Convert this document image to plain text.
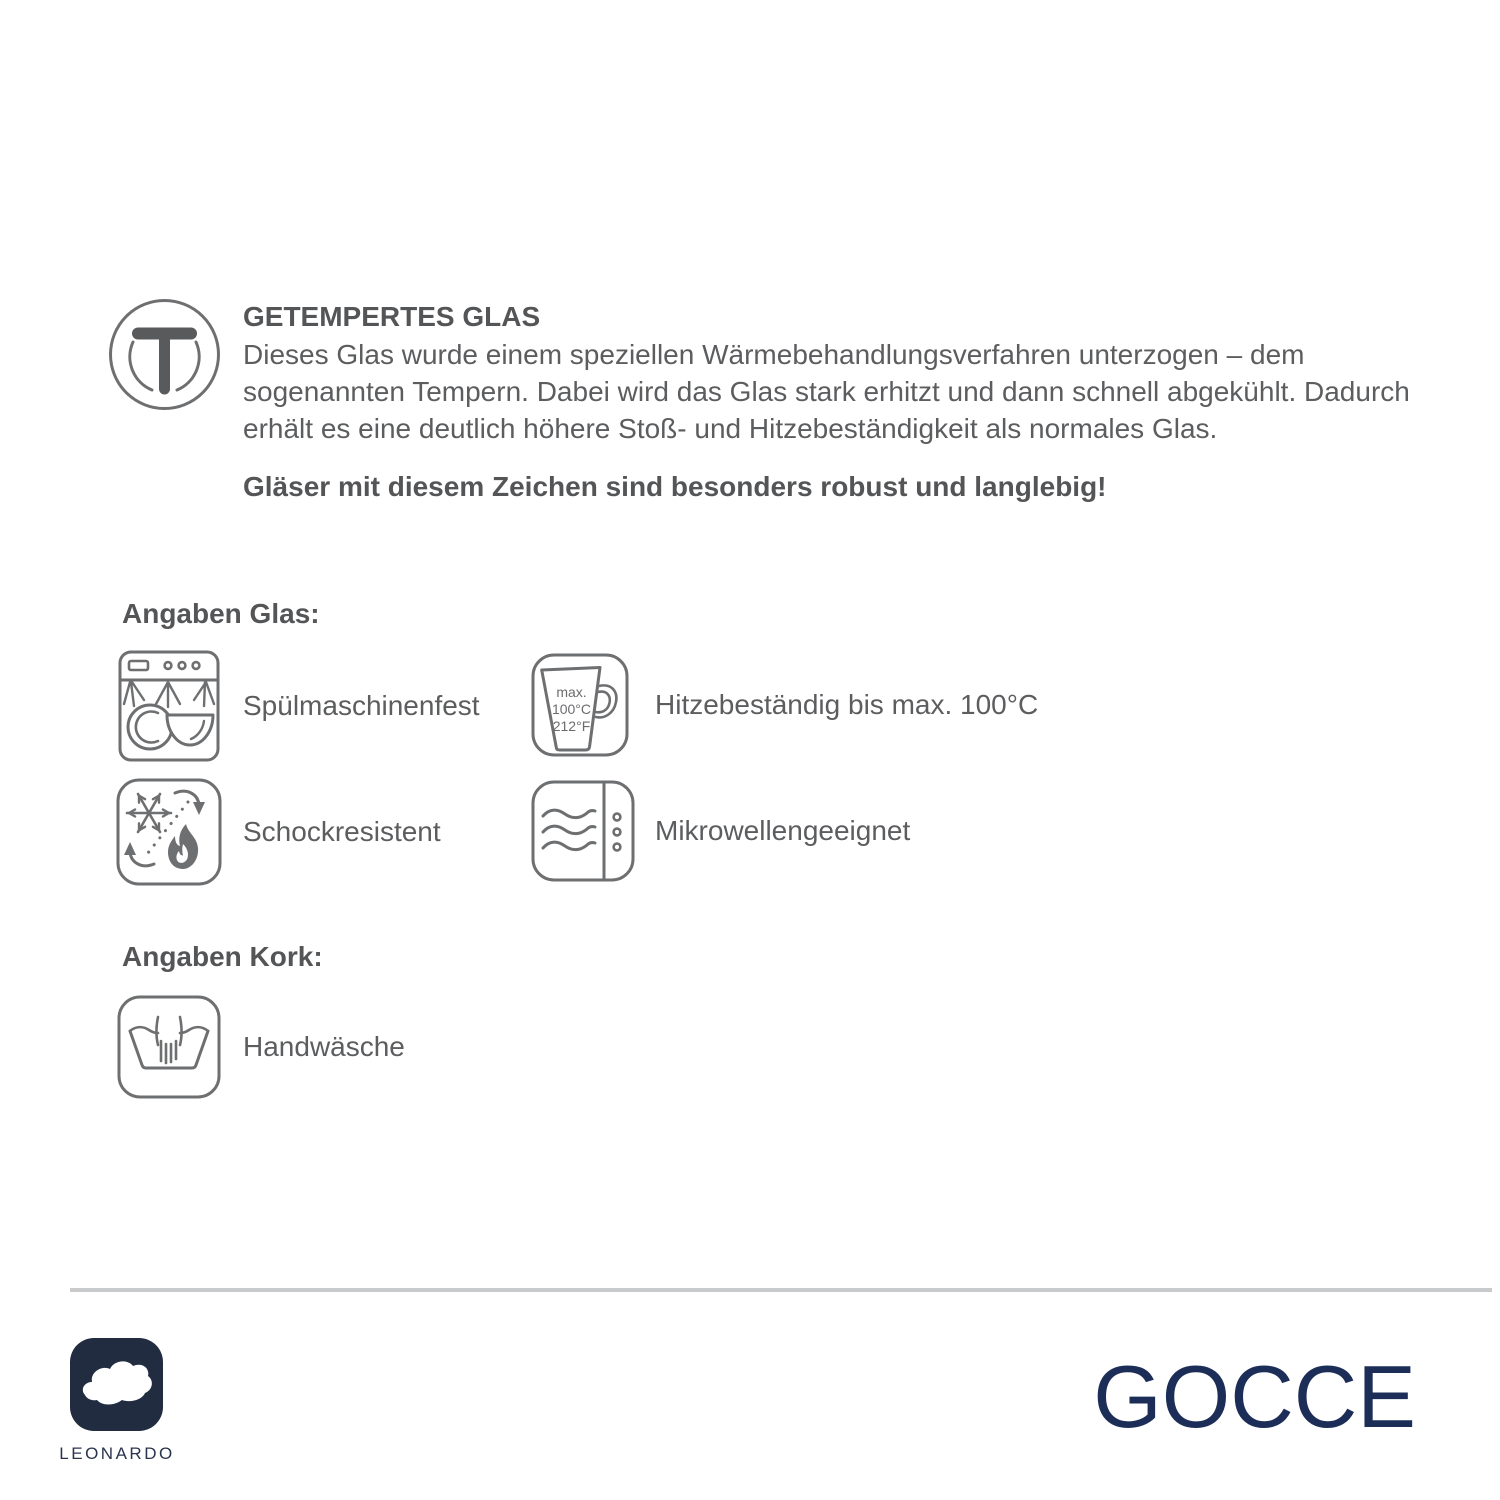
GETEMPERTES GLAS
Dieses Glas wurde einem speziellen Wärmebehandlungsverfahren unterzogen – dem
sogenannten Tempern. Dabei wird das Glas stark erhitzt und dann schnell abgekühlt. Dadurch
erhält es eine deutlich höhere Stoß- und Hitzebeständigkeit als normales Glas.
Gläser mit diesem Zeichen sind besonders robust und langlebig!
Angaben Glas:
Spülmaschinenfest	max.
100°C
212°F
Hitzebeständig bis max. 100°C
Schockresistent	Mikrowellengeeignet
Angaben Kork:
Handwäsche
LEONARDO
GOCCE
